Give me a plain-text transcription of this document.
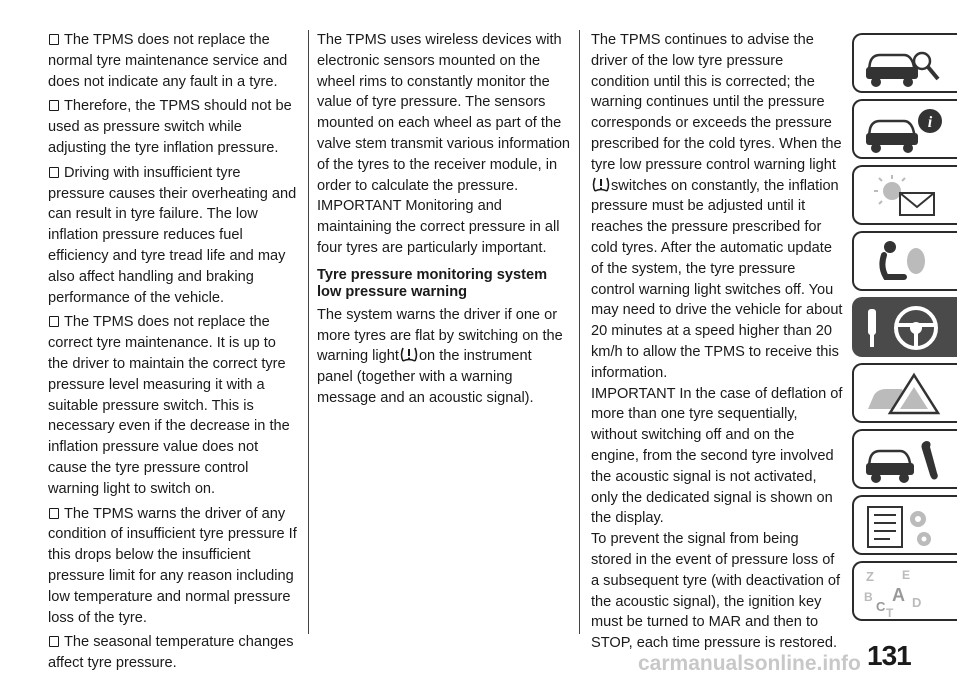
The TPMS does not replace the normal tyre maintenance service and does not indicate any fault in a tyre.

Therefore, the TPMS should not be used as pressure switch while adjusting the tyre inflation pressure.

Driving with insufficient tyre pressure causes their overheating and can result in tyre failure. The low inflation pressure reduces fuel efficiency and tyre tread life and may also affect handling and braking performance of the vehicle.

The TPMS does not replace the correct tyre maintenance. It is up to the driver to maintain the correct tyre pressure level measuring it with a suitable pressure switch. This is necessary even if the decrease in the inflation pressure value does not cause the tyre pressure control warning light to switch on.

The TPMS warns the driver of any condition of insufficient tyre pressure If this drops below the insufficient pressure limit for any reason including low temperature and normal pressure loss of the tyre.

The seasonal temperature changes affect tyre pressure.

The TPMS uses wireless devices with electronic sensors mounted on the wheel rims to constantly monitor the value of tyre pressure. The sensors mounted on each wheel as part of the valve stem transmit various information of the tyres to the receiver module, in order to calculate the pressure.

IMPORTANT Monitoring and maintaining the correct pressure in all four tyres are particularly important.

Tyre pressure monitoring system low pressure warning

The system warns the driver if one or more tyres are flat by switching on the warning light on the instrument panel (together with a warning message and an acoustic signal).

The TPMS continues to advise the driver of the low tyre pressure condition until this is corrected; the warning continues until the pressure corresponds or exceeds the pressure prescribed for the cold tyres. When the tyre low pressure control warning lightswitches on constantly, the inflation pressure must be adjusted until it reaches the pressure prescribed for cold tyres. After the automatic update of the system, the tyre pressure control warning light switches off. You may need to drive the vehicle for about 20 minutes at a speed higher than 20 km/h to allow the TPMS to receive this information.

IMPORTANT In the case of deflation of more than one tyre sequentially, without switching off and on the engine, from the second tyre involved the acoustic signal is not activated, only the dedicated signal is shown on the display.

To prevent the signal from being stored in the event of pressure loss of a subsequent tyre (with deactivation of the acoustic signal), the ignition key must be turned to MAR and then to STOP, each time pressure is restored.

i
Z E
B A
C D
T
131
carmanualsonline.info
